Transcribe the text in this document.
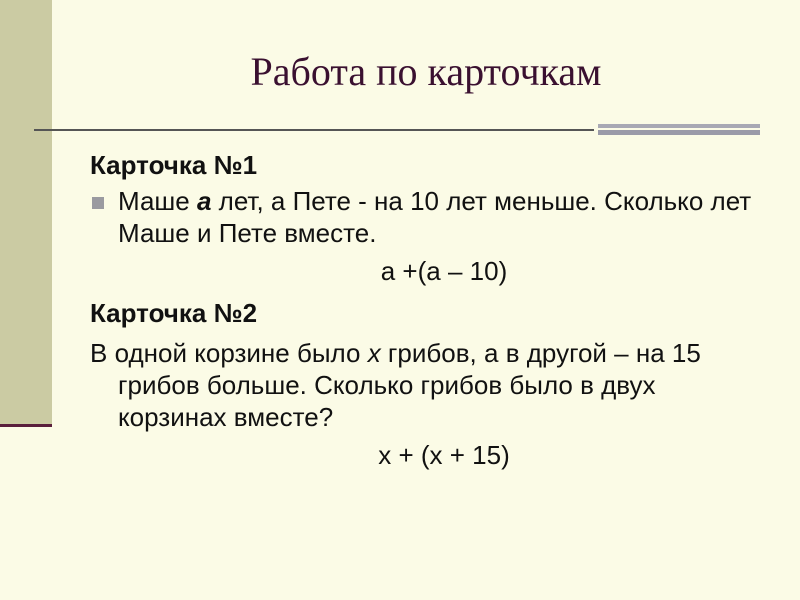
Работа по карточкам
Карточка №1
Маше а лет, а Пете - на 10 лет меньше. Сколько лет Маше и Пете вместе.
а +(а – 10)
Карточка №2
В одной корзине было х грибов, а в другой – на 15 грибов больше. Сколько грибов было в двух корзинах вместе?
х + (х + 15)
